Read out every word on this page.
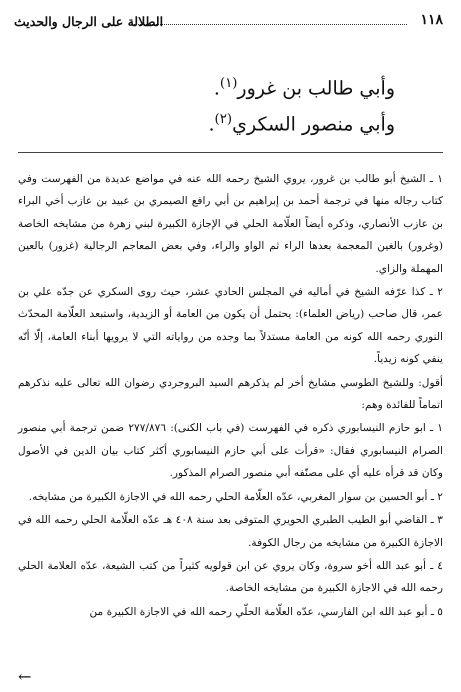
١١٨
الطلالة على الرجال والحديث

وأبي طالب بن غرور$^{(١)}$.

وأبي منصور السكري$^{(٢)}$.

١ ـ الشيخ أبو طالب بن غرور، يروي الشيخ رحمه الله عنه في مواضع عديدة من الفهرست وفي كتاب رجاله منها في ترجمة أحمد بن إبراهيم بن أبي رافع الصيمري بن عبيد بن عازب أخي البراء بن عازب الأنصاري، وذكره أيضاً العلّامة الحلي في الإجازة الكبيرة لبني زهرة من مشايخه الخاصة (وغرور) بالغين المعجمة بعدها الراء ثم الواو والراء، وفي بعض المعاجم الرجالية (غزور) بالعين المهملة والزاي.

٢ ـ كذا عرّفه الشيخ في أماليه في المجلس الحادي عشر، حيث روى السكري عن جدّه علي بن عمر، قال صاحب (رياض العلماء): يحتمل أن يكون من العامة أو الزيدية، واستبعد العلّامة المحدّث النوري رحمه الله كونه من العامة مستدلاً بما وجده من رواياته التي لا يرويها أبناء العامة، إلّا أنّه ينفي كونه زيدياً.

أقول: وللشيخ الطوسي مشايخ أخر لم يذكرهم السيد البروجردي رضوان الله تعالى عليه نذكرهم اتماماً للفائدة وهم:

١ ـ ابو حازم النيسابوري ذكره في الفهرست (في باب الكنى): ٢٧٧/٨٧٦ ضمن ترجمة أبي منصور الصرام النيسابوري فقال: «قرأت على أبي حازم النيسابوري أكثر كتاب بيان الدين في الأصول وكان قد قرأه عليه أي على مصنّفه أبي منصور الصرام المذكور.

٢ ـ أبو الحسين بن سوار المغربي، عدّه العلّامة الحلي رحمه الله في الاجازة الكبيرة من مشايخه.

٣ ـ القاضي أبو الطيب الطبري الحويري المتوفى بعد سنة ٤٠٨ هـ عدّه العلّامة الحلي رحمه الله في الاجازة الكبيرة من مشايخه من رجال الكوفة.

٤ ـ أبو عبد الله أخو سروة، وكان يروي عن ابن قولويه كثيراً من كتب الشيعة، عدّه العلامة الحلي رحمه الله في الاجازة الكبيرة من مشايخه الخاصة.

٥ ـ أبو عبد الله ابن الفارسي، عدّه العلّامة الحلّي رحمه الله في الاجازة الكبيرة من

←
